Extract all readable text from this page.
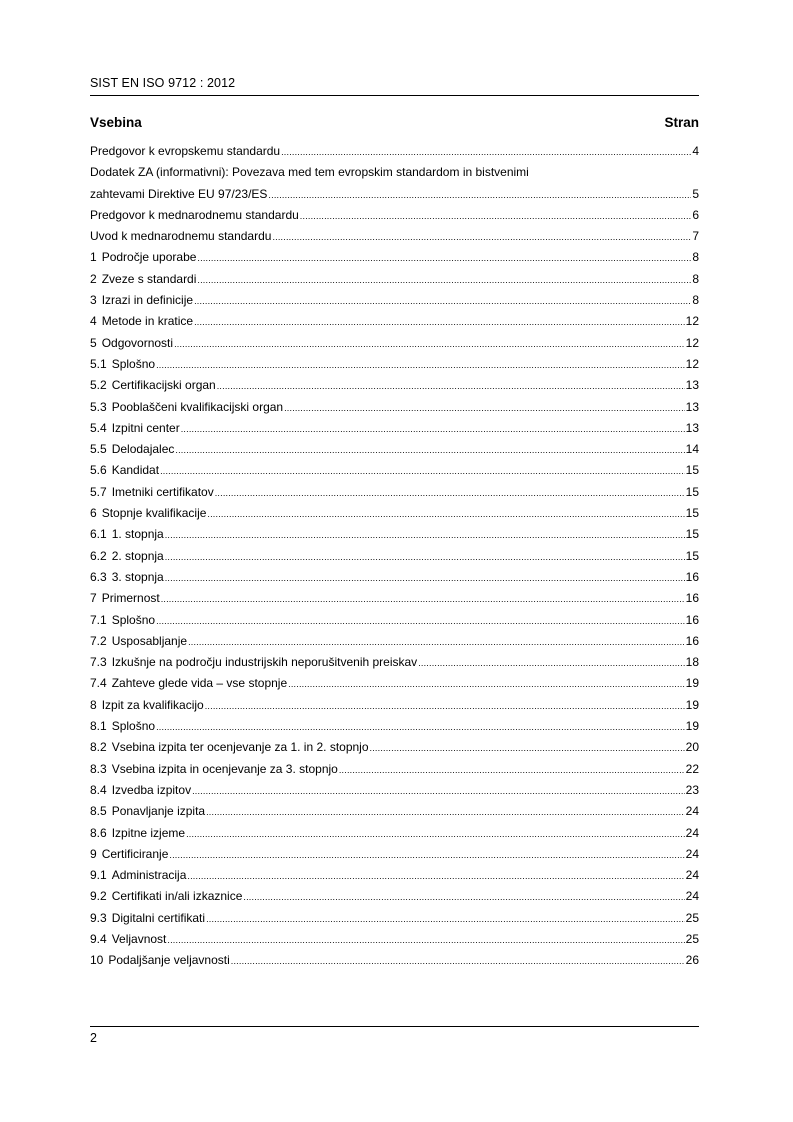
SIST EN ISO 9712 : 2012
Vsebina	Stran
Predgovor k evropskemu standardu .....	4
Dodatek ZA (informativni): Povezava med tem evropskim standardom in bistvenimi
zahtevami Direktive EU 97/23/ES .....	5
Predgovor k mednarodnemu standardu .....	6
Uvod k mednarodnemu standardu .....	7
1 Področje uporabe .....	8
2 Zveze s standardi .....	8
3 Izrazi in definicije .....	8
4 Metode in kratice .....	12
5 Odgovornosti .....	12
5.1 Splošno .....	12
5.2 Certifikacijski organ .....	13
5.3 Pooblaščeni kvalifikacijski organ .....	13
5.4 Izpitni center .....	13
5.5 Delodajalec .....	14
5.6 Kandidat .....	15
5.7 Imetniki certifikatov .....	15
6 Stopnje kvalifikacije .....	15
6.1 1. stopnja .....	15
6.2 2. stopnja .....	15
6.3 3. stopnja .....	16
7 Primernost .....	16
7.1 Splošno .....	16
7.2 Usposabljanje .....	16
7.3 Izkušnje na področju industrijskih neporušitvenih preiskav .....	18
7.4 Zahteve glede vida – vse stopnje .....	19
8 Izpit za kvalifikacijo .....	19
8.1 Splošno .....	19
8.2 Vsebina izpita ter ocenjevanje za 1. in 2. stopnjo .....	20
8.3 Vsebina izpita in ocenjevanje za 3. stopnjo .....	22
8.4 Izvedba izpitov .....	23
8.5 Ponavljanje izpita .....	24
8.6 Izpitne izjeme .....	24
9 Certificiranje .....	24
9.1 Administracija .....	24
9.2 Certifikati in/ali izkaznice .....	24
9.3 Digitalni certifikati .....	25
9.4 Veljavnost .....	25
10 Podaljšanje veljavnosti .....	26
2
